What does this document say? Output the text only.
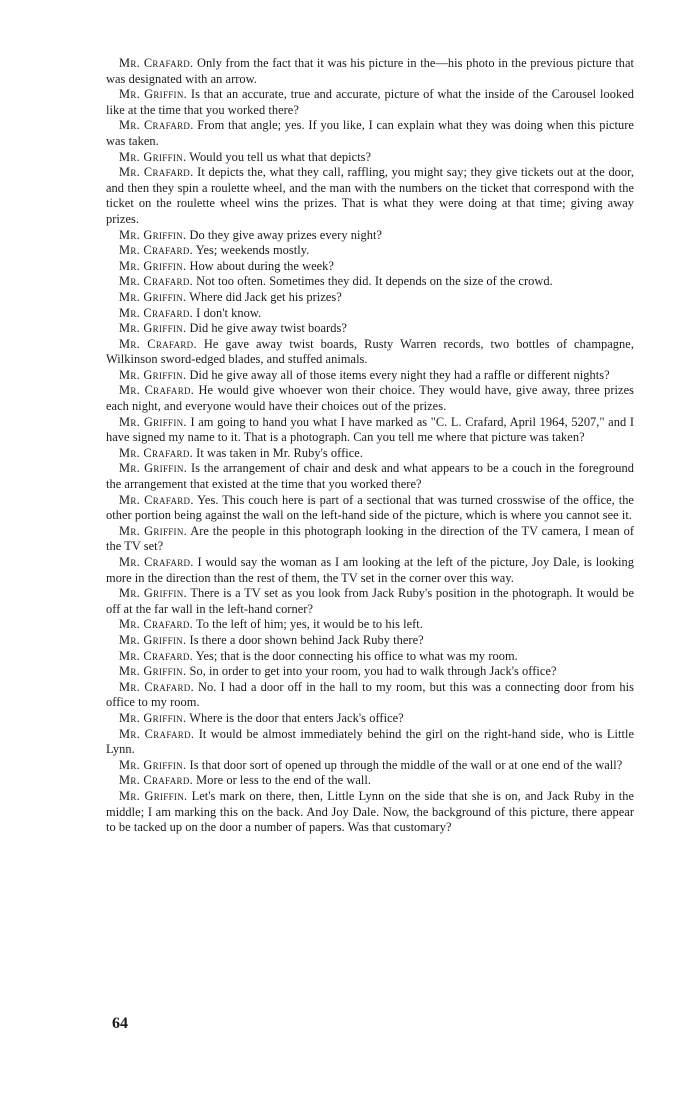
Mr. Crafard. Only from the fact that it was his picture in the—his photo in the previous picture that was designated with an arrow.

Mr. Griffin. Is that an accurate, true and accurate, picture of what the inside of the Carousel looked like at the time that you worked there?

Mr. Crafard. From that angle; yes. If you like, I can explain what they was doing when this picture was taken.

Mr. Griffin. Would you tell us what that depicts?

Mr. Crafard. It depicts the, what they call, raffling, you might say; they give tickets out at the door, and then they spin a roulette wheel, and the man with the numbers on the ticket that correspond with the ticket on the roulette wheel wins the prizes. That is what they were doing at that time; giving away prizes.

Mr. Griffin. Do they give away prizes every night?

Mr. Crafard. Yes; weekends mostly.

Mr. Griffin. How about during the week?

Mr. Crafard. Not too often. Sometimes they did. It depends on the size of the crowd.

Mr. Griffin. Where did Jack get his prizes?

Mr. Crafard. I don't know.

Mr. Griffin. Did he give away twist boards?

Mr. Crafard. He gave away twist boards, Rusty Warren records, two bottles of champagne, Wilkinson sword-edged blades, and stuffed animals.

Mr. Griffin. Did he give away all of those items every night they had a raffle or different nights?

Mr. Crafard. He would give whoever won their choice. They would have, give away, three prizes each night, and everyone would have their choices out of the prizes.

Mr. Griffin. I am going to hand you what I have marked as "C. L. Crafard, April 1964, 5207," and I have signed my name to it. That is a photograph. Can you tell me where that picture was taken?

Mr. Crafard. It was taken in Mr. Ruby's office.

Mr. Griffin. Is the arrangement of chair and desk and what appears to be a couch in the foreground the arrangement that existed at the time that you worked there?

Mr. Crafard. Yes. This couch here is part of a sectional that was turned crosswise of the office, the other portion being against the wall on the left-hand side of the picture, which is where you cannot see it.

Mr. Griffin. Are the people in this photograph looking in the direction of the TV camera, I mean of the TV set?

Mr. Crafard. I would say the woman as I am looking at the left of the picture, Joy Dale, is looking more in the direction than the rest of them, the TV set in the corner over this way.

Mr. Griffin. There is a TV set as you look from Jack Ruby's position in the photograph. It would be off at the far wall in the left-hand corner?

Mr. Crafard. To the left of him; yes, it would be to his left.

Mr. Griffin. Is there a door shown behind Jack Ruby there?

Mr. Crafard. Yes; that is the door connecting his office to what was my room.

Mr. Griffin. So, in order to get into your room, you had to walk through Jack's office?

Mr. Crafard. No. I had a door off in the hall to my room, but this was a connecting door from his office to my room.

Mr. Griffin. Where is the door that enters Jack's office?

Mr. Crafard. It would be almost immediately behind the girl on the right-hand side, who is Little Lynn.

Mr. Griffin. Is that door sort of opened up through the middle of the wall or at one end of the wall?

Mr. Crafard. More or less to the end of the wall.

Mr. Griffin. Let's mark on there, then, Little Lynn on the side that she is on, and Jack Ruby in the middle; I am marking this on the back. And Joy Dale. Now, the background of this picture, there appear to be tacked up on the door a number of papers. Was that customary?

64
